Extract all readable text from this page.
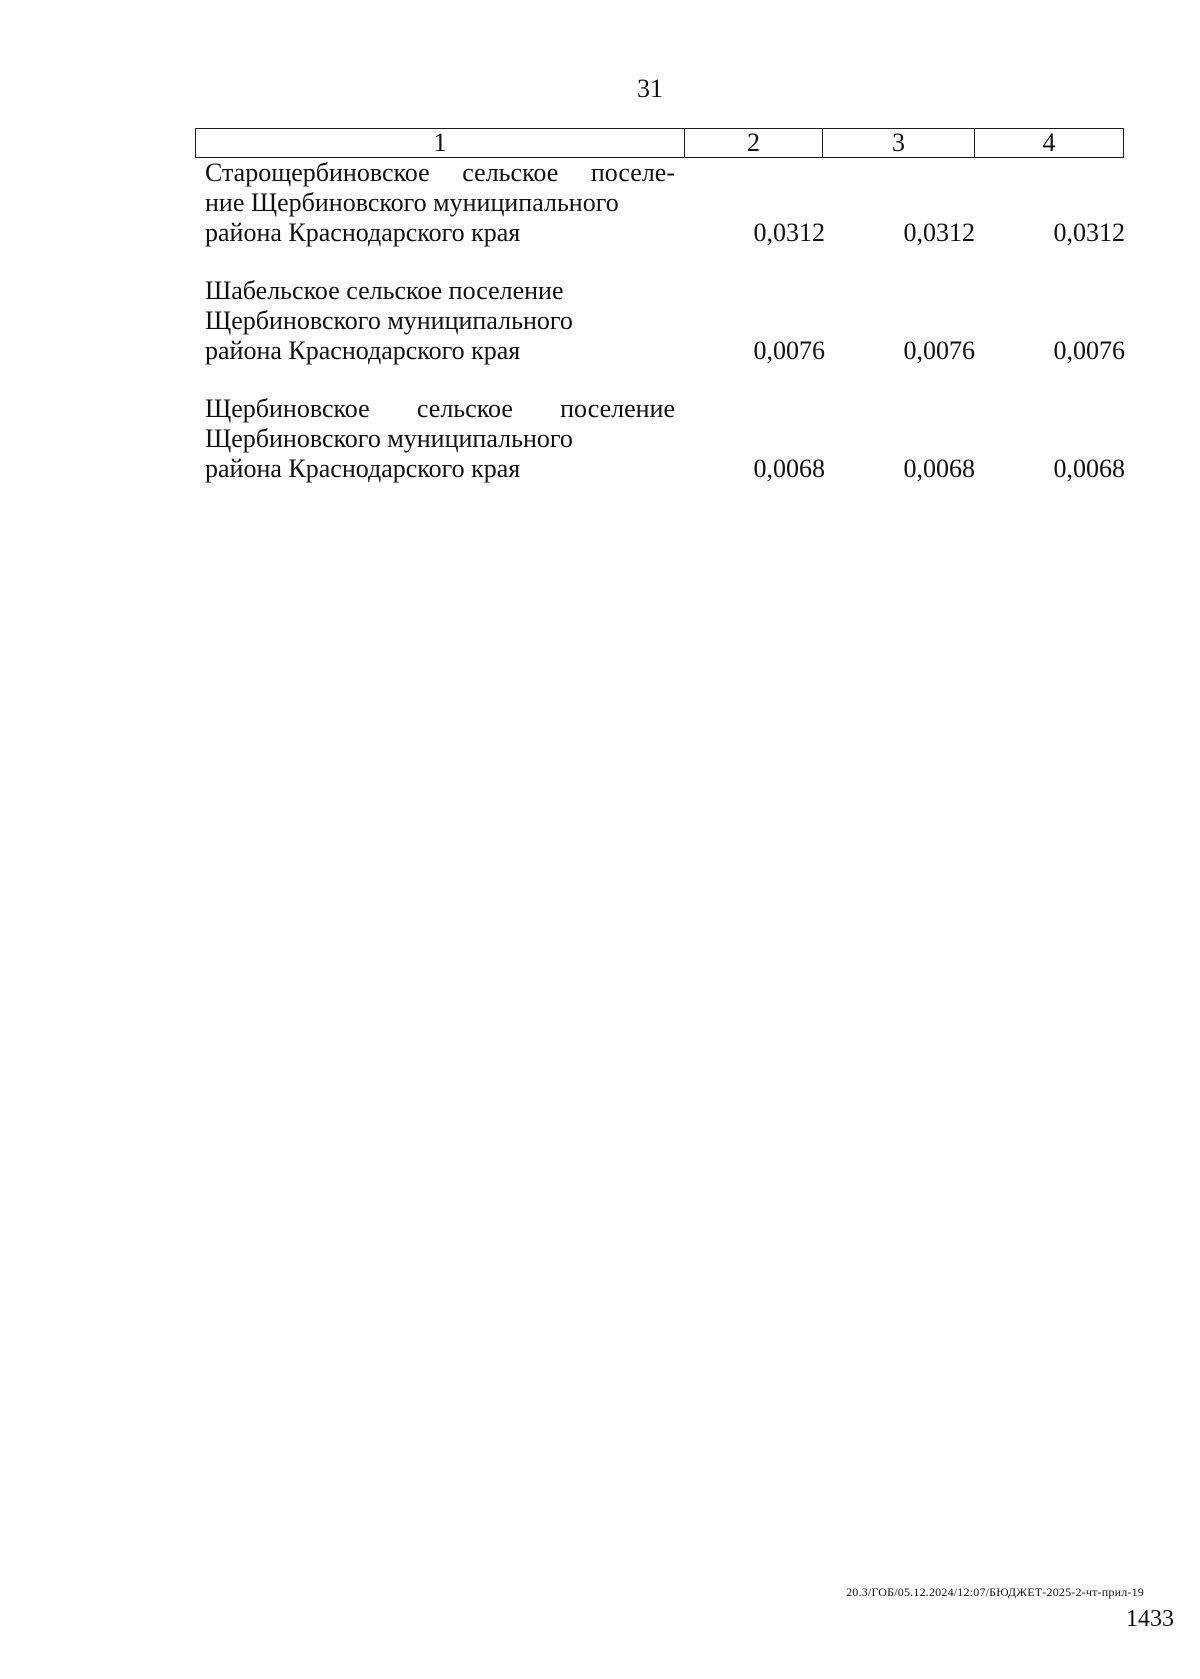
31
1	2	3	4
Старощербиновское сельское поселе-
ние Щербиновского муниципального
района Краснодарского края	0,0312	0,0312	0,0312
Шабельское сельское поселение
Щербиновского муниципального
района Краснодарского края	0,0076	0,0076	0,0076
Щербиновское сельское поселение
Щербиновского муниципального
района Краснодарского края	0,0068	0,0068	0,0068
20.3/ГОБ/05.12.2024/12:07/БЮДЖЕТ-2025-2-чт-прил-19
1433
